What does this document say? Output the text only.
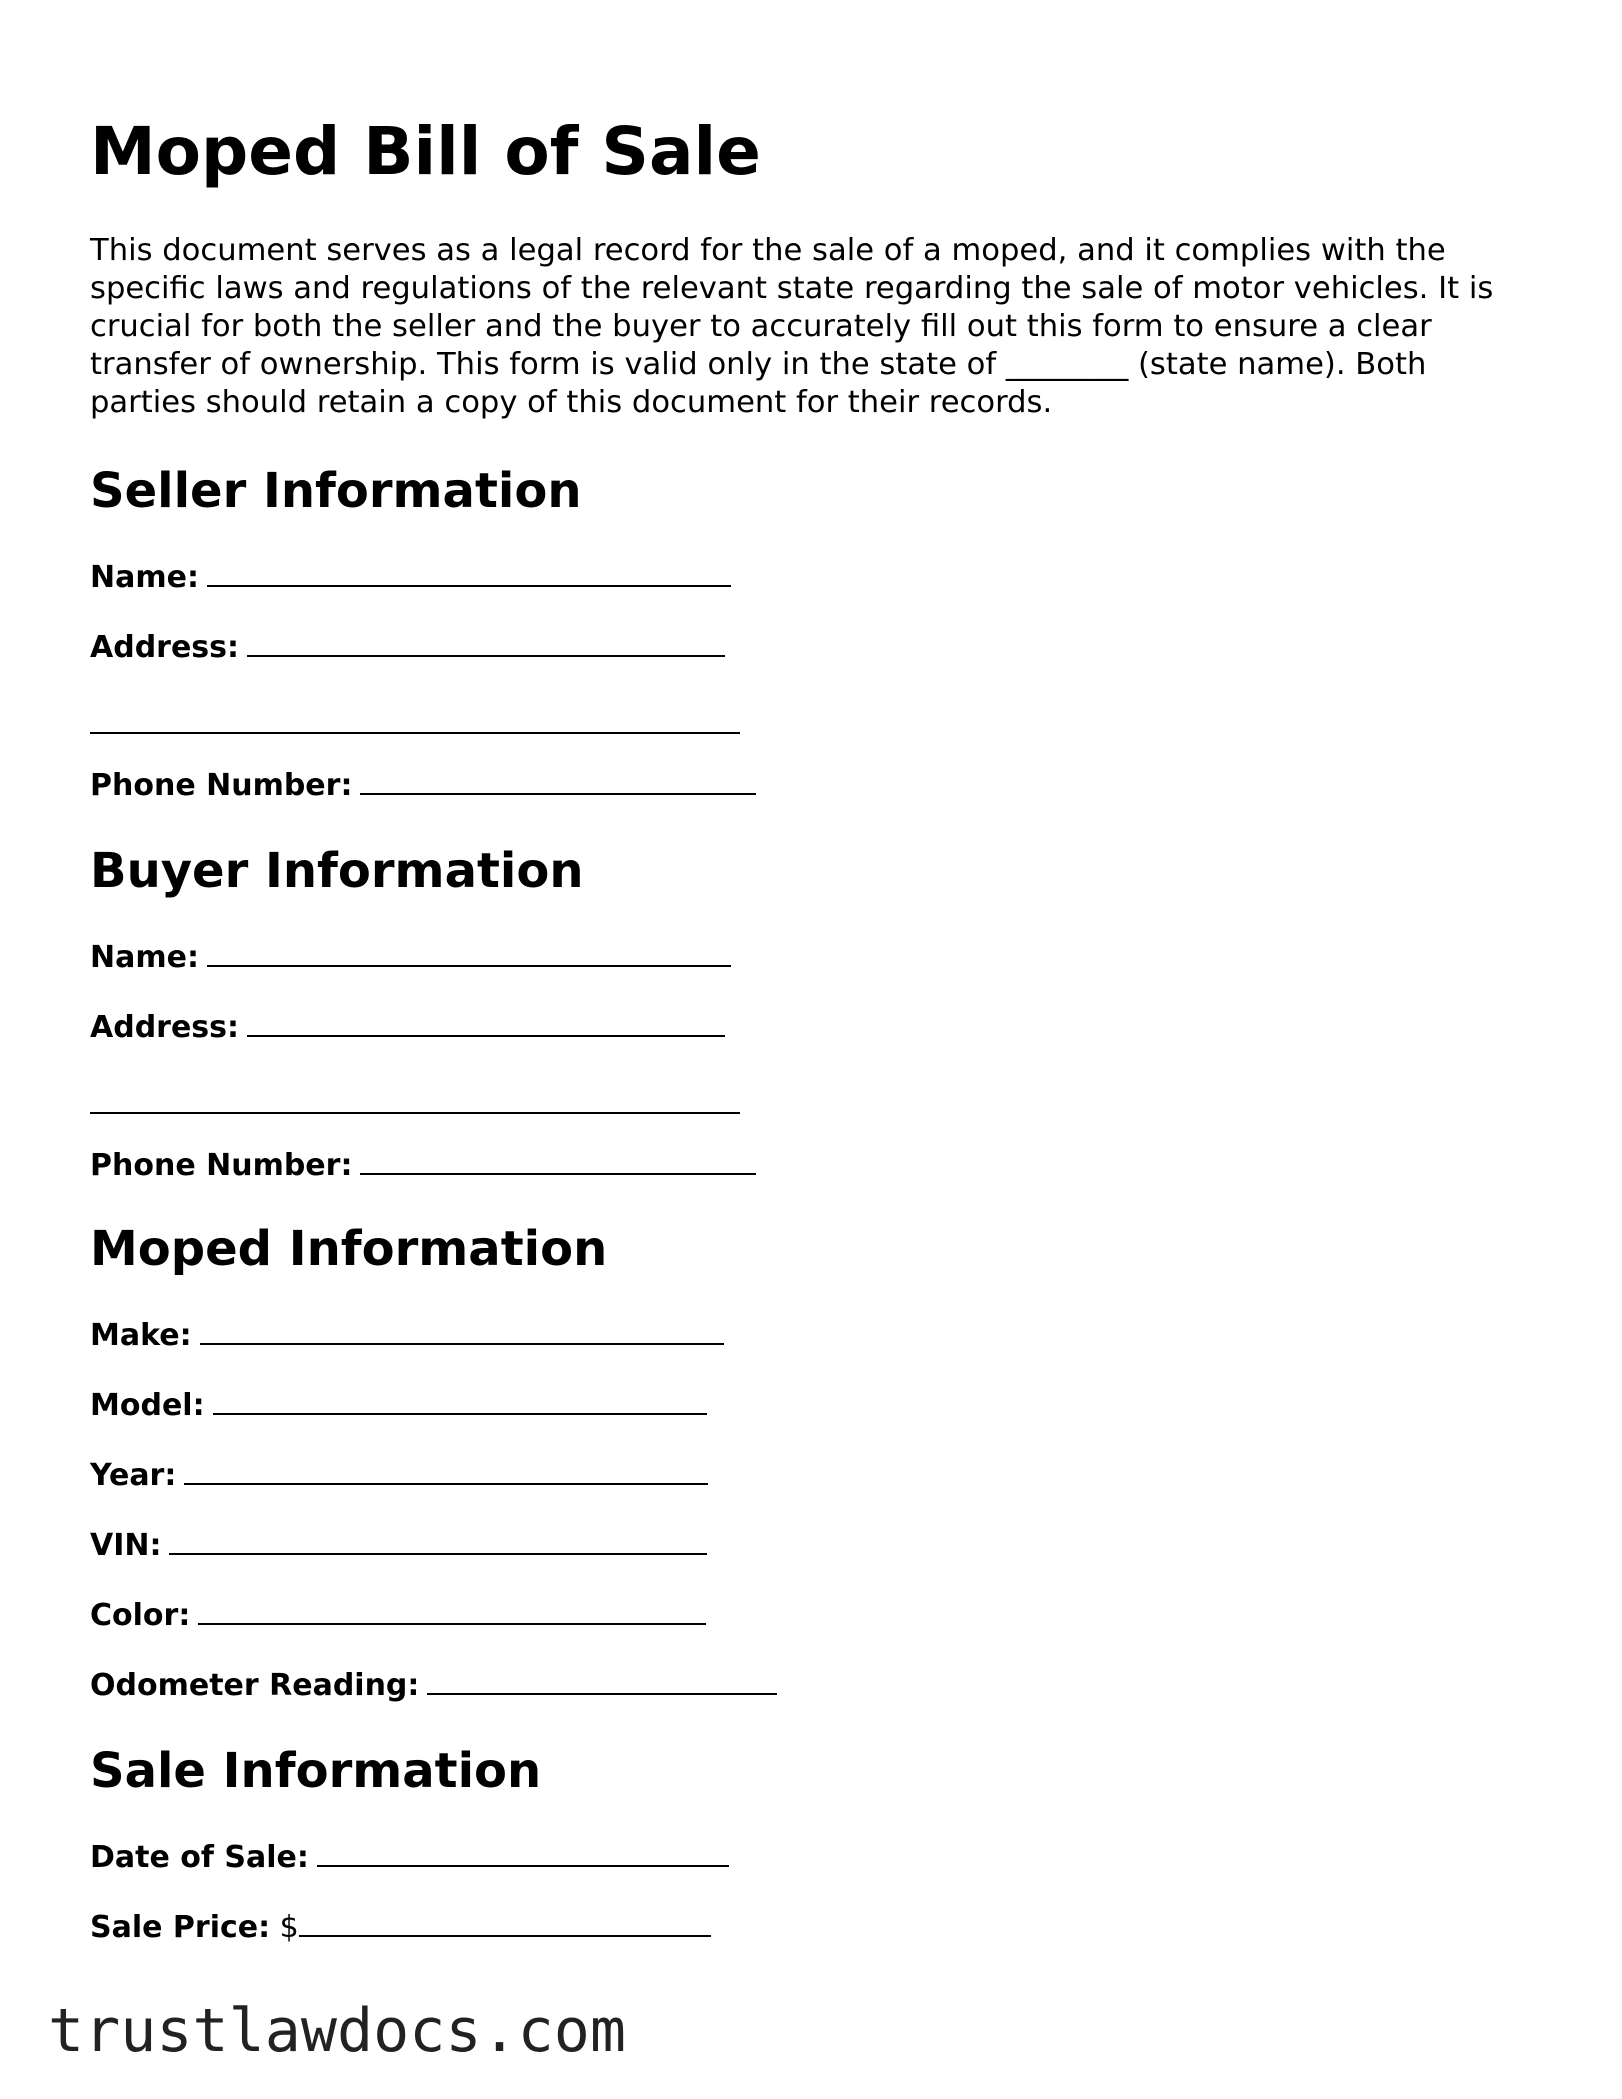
Moped Bill of Sale

This document serves as a legal record for the sale of a moped, and it complies with the specific laws and regulations of the relevant state regarding the sale of motor vehicles. It is crucial for both the seller and the buyer to accurately fill out this form to ensure a clear transfer of ownership. This form is valid only in the state of ________ (state name). Both parties should retain a copy of this document for their records.

Seller Information
Name:
Address:
Phone Number:
Buyer Information
Name:
Address:
Phone Number:
Moped Information
Make:
Model:
Year:
VIN:
Color:
Odometer Reading:
Sale Information
Date of Sale:
Sale Price: $
trustlawdocs.com
